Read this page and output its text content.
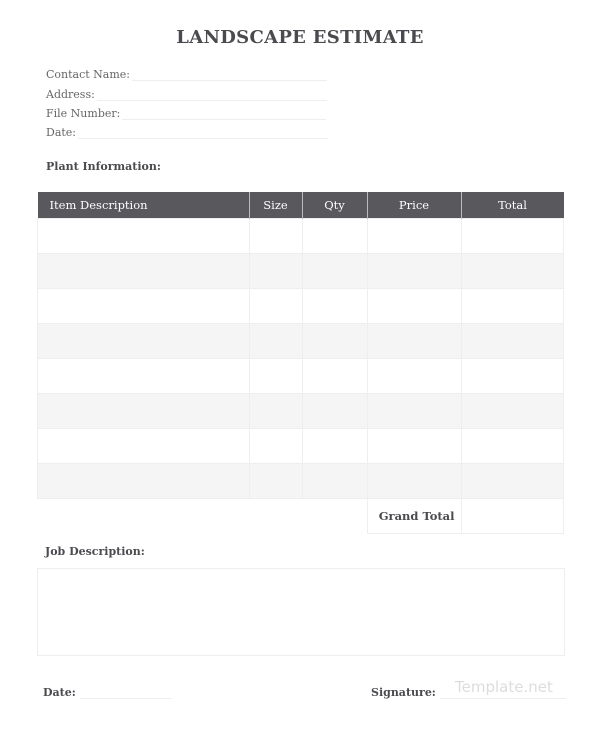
LANDSCAPE ESTIMATE
Contact Name:
Address:
File Number:
Date:
Plant Information:
Item Description	Size	Qty	Price	Total

			Grand Total	
Job Description:
Date:	Signature: Template.net
